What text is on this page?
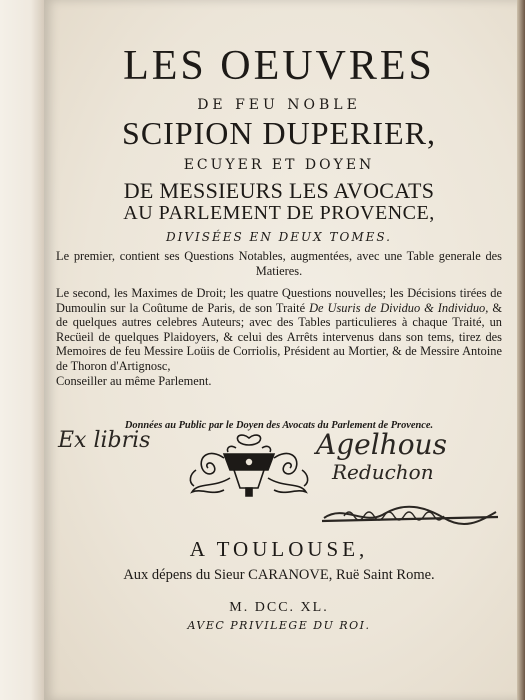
LES OEUVRES

DE FEU NOBLE

SCIPION DUPERIER,

ECUYER ET DOYEN

DE MESSIEURS LES AVOCATS

AU PARLEMENT DE PROVENCE,

DIVISÉES EN DEUX TOMES.

Le premier, contient ses Questions Notables, augmentées, avec une Table generale des Matieres.

Le second, les Maximes de Droit; les quatre Questions nouvelles; les Décisions tirées de Dumoulin sur la Coûtume de Paris, de son Traité De Usuris de Dividuo & Individuo, & de quelques autres celebres Auteurs; avec des Tables particulieres à chaque Traité, un Recüeil de quelques Plaidoyers, & celui des Arrêts intervenus dans son tems, tirez des Memoires de feu Messire Loüis de Corriolis, Président au Mortier, & de Messire Antoine de Thoron d'Artignosc,
Conseiller au même Parlement.

Données au Public par le Doyen des Avocats du Parlement de Provence.

Ex libris	Agelhous
Reduchon

A TOULOUSE,

Aux dépens du Sieur CARANOVE, Ruë Saint Rome.

M. DCC. XL.

AVEC PRIVILEGE DU ROI.
